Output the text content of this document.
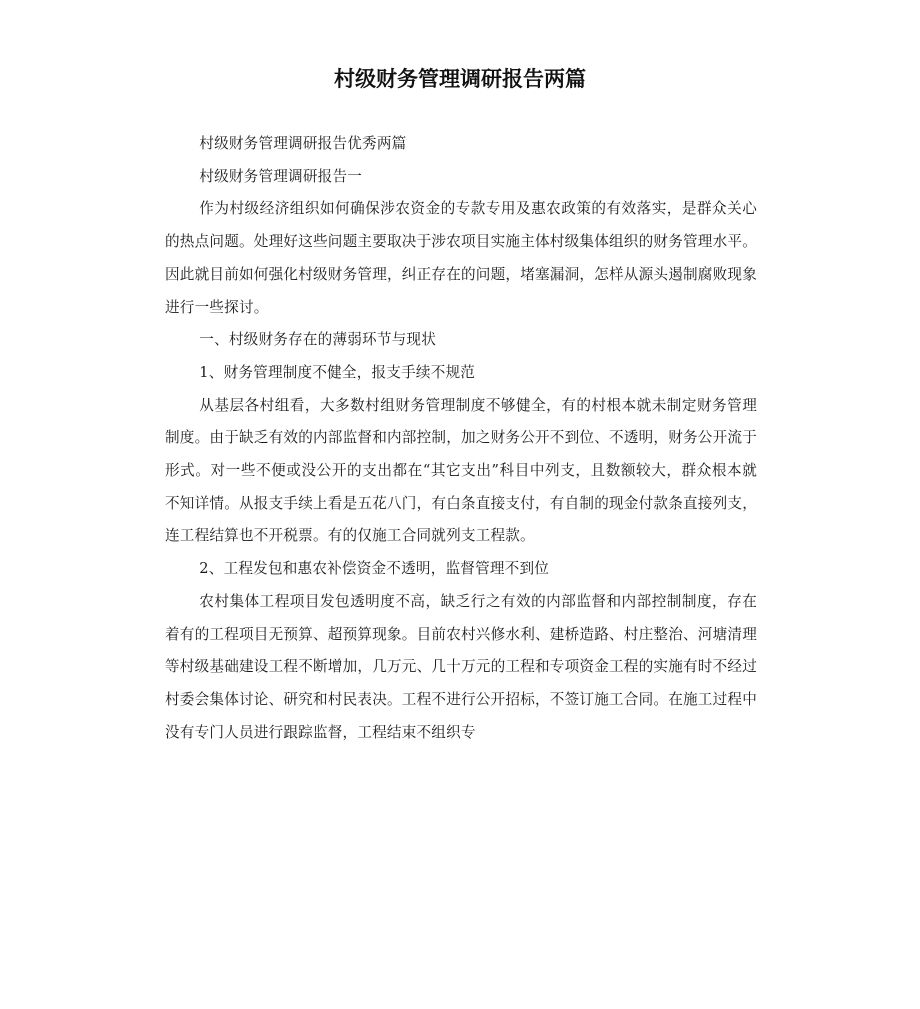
村级财务管理调研报告两篇

村级财务管理调研报告优秀两篇

村级财务管理调研报告一

作为村级经济组织如何确保涉农资金的专款专用及惠农政策的有效落实，是群众关心的热点问题。处理好这些问题主要取决于涉农项目实施主体村级集体组织的财务管理水平。因此就目前如何强化村级财务管理，纠正存在的问题，堵塞漏洞，怎样从源头遏制腐败现象进行一些探讨。

一、村级财务存在的薄弱环节与现状

1、财务管理制度不健全，报支手续不规范

从基层各村组看，大多数村组财务管理制度不够健全，有的村根本就未制定财务管理制度。由于缺乏有效的内部监督和内部控制，加之财务公开不到位、不透明，财务公开流于形式。对一些不便或没公开的支出都在“其它支出”科目中列支，且数额较大，群众根本就不知详情。从报支手续上看是五花八门，有白条直接支付，有自制的现金付款条直接列支，连工程结算也不开税票。有的仅施工合同就列支工程款。

2、工程发包和惠农补偿资金不透明，监督管理不到位

农村集体工程项目发包透明度不高，缺乏行之有效的内部监督和内部控制制度，存在着有的工程项目无预算、超预算现象。目前农村兴修水利、建桥造路、村庄整治、河塘清理等村级基础建设工程不断增加，几万元、几十万元的工程和专项资金工程的实施有时不经过村委会集体讨论、研究和村民表决。工程不进行公开招标，不签订施工合同。在施工过程中没有专门人员进行跟踪监督，工程结束不组织专
